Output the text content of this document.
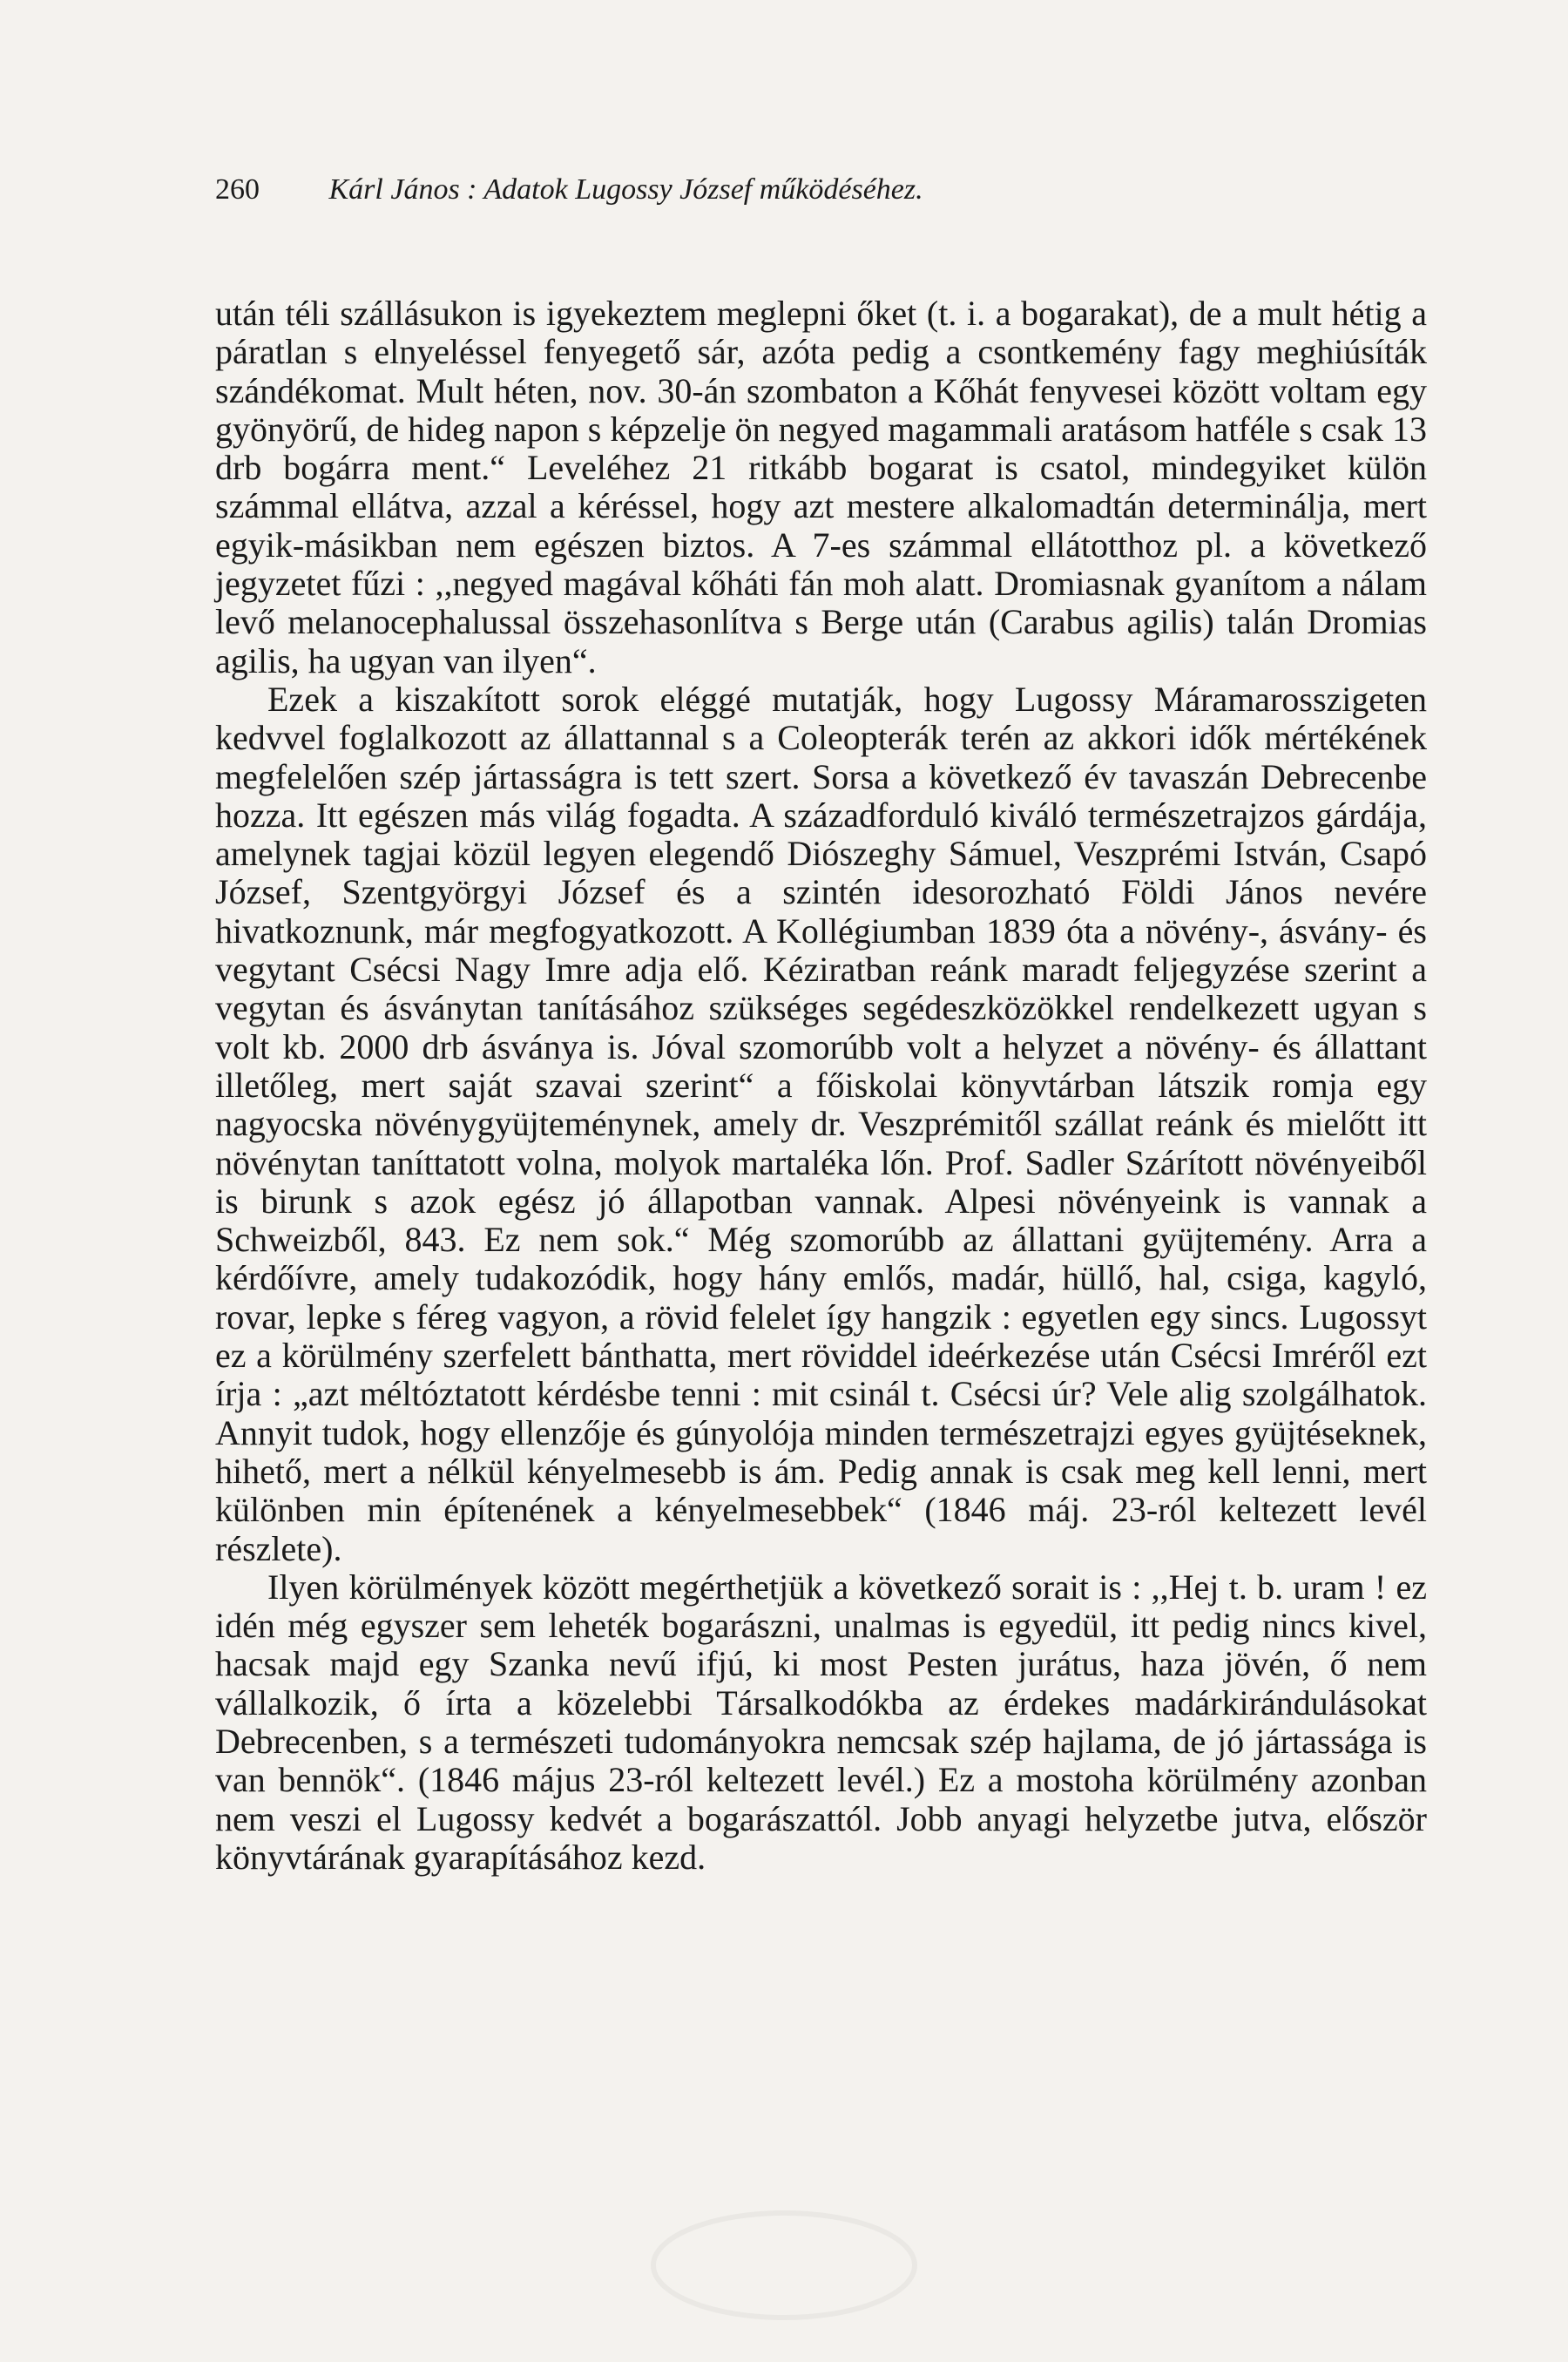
260 Kárl János : Adatok Lugossy József működéséhez.

után téli szállásukon is igyekeztem meglepni őket (t. i. a bogarakat), de a mult hétig a páratlan s elnyeléssel fenyegető sár, azóta pedig a csontkemény fagy meghiúsíták szándékomat. Mult héten, nov. 30-án szombaton a Kőhát fenyvesei között voltam egy gyönyörű, de hideg napon s képzelje ön negyed magammali aratásom hatféle s csak 13 drb bogárra ment.“ Leveléhez 21 ritkább bogarat is csatol, mindegyiket külön számmal ellátva, azzal a kéréssel, hogy azt mestere alkalomadtán determinálja, mert egyik-másikban nem egészen biztos. A 7-es számmal ellátotthoz pl. a következő jegyzetet fűzi : ,,negyed magával kőháti fán moh alatt. Dromiasnak gyanítom a nálam levő melanocephalussal összehasonlítva s Berge után (Carabus agilis) talán Dromias agilis, ha ugyan van ilyen“.

Ezek a kiszakított sorok eléggé mutatják, hogy Lugossy Máramarosszigeten kedvvel foglalkozott az állattannal s a Coleopterák terén az akkori idők mértékének megfelelően szép jártasságra is tett szert. Sorsa a következő év tavaszán Debrecenbe hozza. Itt egészen más világ fogadta. A századforduló kiváló természetrajzos gárdája, amelynek tagjai közül legyen elegendő Diószeghy Sámuel, Veszprémi István, Csapó József, Szentgyörgyi József és a szintén idesorozható Földi János nevére hivatkoznunk, már megfogyatkozott. A Kollégiumban 1839 óta a növény-, ásvány- és vegytant Csécsi Nagy Imre adja elő. Kéziratban reánk maradt feljegyzése szerint a vegytan és ásványtan tanításához szükséges segédeszközökkel rendelkezett ugyan s volt kb. 2000 drb ásványa is. Jóval szomorúbb volt a helyzet a növény- és állattant illetőleg, mert saját szavai szerint“ a főiskolai könyvtárban látszik romja egy nagyocska növénygyüjteménynek, amely dr. Veszprémitől szállat reánk és mielőtt itt növénytan taníttatott volna, molyok martaléka lőn. Prof. Sadler Szárított növényeiből is birunk s azok egész jó állapotban vannak. Alpesi növényeink is vannak a Schweizből, 843. Ez nem sok.“ Még szomorúbb az állattani gyüjtemény. Arra a kérdőívre, amely tudakozódik, hogy hány emlős, madár, hüllő, hal, csiga, kagyló, rovar, lepke s féreg vagyon, a rövid felelet így hangzik : egyetlen egy sincs. Lugossyt ez a körülmény szerfelett bánthatta, mert röviddel ideérkezése után Csécsi Imréről ezt írja : „azt méltóztatott kérdésbe tenni : mit csinál t. Csécsi úr? Vele alig szolgálhatok. Annyit tudok, hogy ellenzője és gúnyolója minden természetrajzi egyes gyüjtéseknek, hihető, mert a nélkül kényelmesebb is ám. Pedig annak is csak meg kell lenni, mert különben min építenének a kényelmesebbek“ (1846 máj. 23-ról keltezett levél részlete).

Ilyen körülmények között megérthetjük a következő sorait is : ,,Hej t. b. uram ! ez idén még egyszer sem leheték bogarászni, unalmas is egyedül, itt pedig nincs kivel, hacsak majd egy Szanka nevű ifjú, ki most Pesten jurátus, haza jövén, ő nem vállalkozik, ő írta a közelebbi Társalkodókba az érdekes madárkirándulásokat Debrecenben, s a természeti tudományokra nemcsak szép hajlama, de jó jártassága is van bennök“. (1846 május 23-ról keltezett levél.) Ez a mostoha körülmény azonban nem veszi el Lugossy kedvét a bogarászattól. Jobb anyagi helyzetbe jutva, először könyvtárának gyarapításához kezd.
